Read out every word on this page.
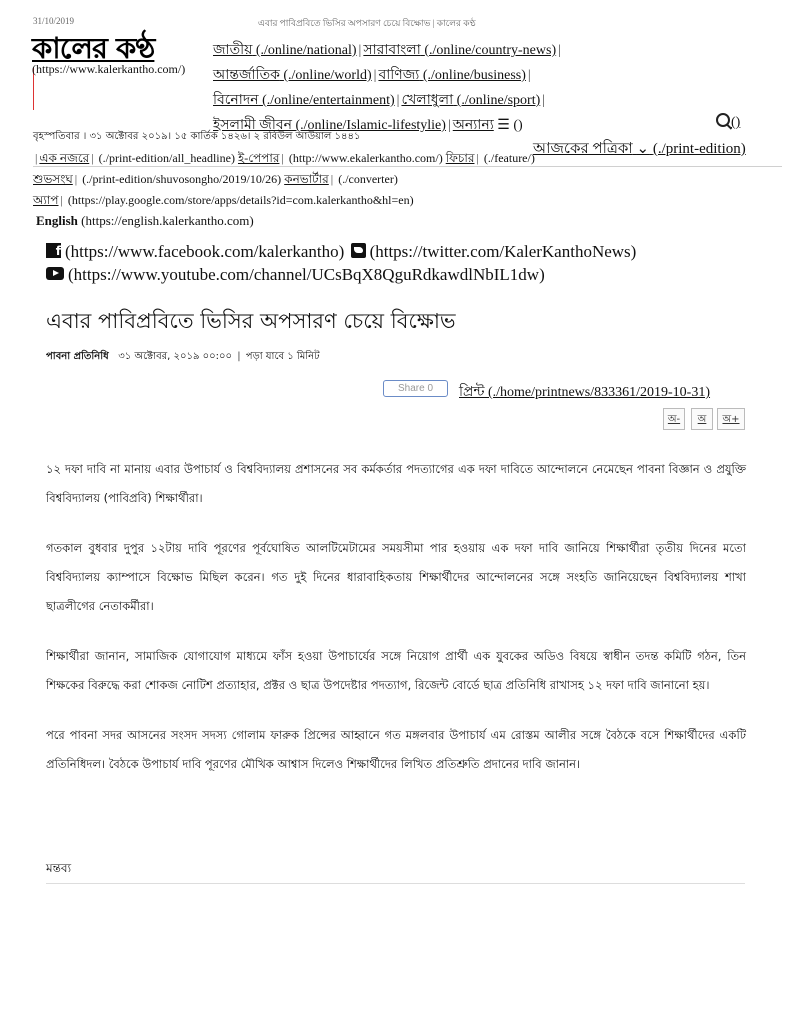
31/10/2019	এবার পাবিপ্রবিতে ভিসির অপসারণ চেয়ে বিক্ষোভ | কালের কণ্ঠ
কালের কণ্ঠ
(https://www.kalerkantho.com/)
জাতীয় (./online/national) | সারাবাংলা (./online/country-news) |
আন্তর্জাতিক (./online/world) | বাণিজ্য (./online/business) |
বিনোদন (./online/entertainment) | খেলাধুলা (./online/sport) |
ইসলামী জীবন (./online/Islamic-lifestylie) | অন্যান্য ☰ ()	()
বৃহস্পতিবার । ৩১ অক্টোবর ২০১৯। ১৫ কার্তিক ১৪২৬। ২ রবিউল আউয়াল ১৪৪১
আজকের পত্রিকা ⌄ (./print-edition)
| এক নজরে | (./print-edition/all_headline) ই-পেপার | (http://www.ekalerkantho.com/) ফিচার | (./feature/)
শুভসংঘ | (./print-edition/shuvosongho/2019/10/26) কনভার্টার | (./converter)
অ্যাপ | (https://play.google.com/store/apps/details?id=com.kalerkantho&hl=en)
English (https://english.kalerkantho.com)
f (https://www.facebook.com/kalerkantho) (https://twitter.com/KalerKanthoNews)
(https://www.youtube.com/channel/UCsBqX8QguRdkawdlNbIL1dw)
এবার পাবিপ্রবিতে ভিসির অপসারণ চেয়ে বিক্ষোভ
পাবনা প্রতিনিধি ৩১ অক্টোবর, ২০১৯ ০০:০০ | পড়া যাবে ১ মিনিট
Share 0	প্রিন্ট (./home/printnews/833361/2019-10-31)
অ-	অ	অ+

১২ দফা দাবি না মানায় এবার উপাচার্য ও বিশ্ববিদ্যালয় প্রশাসনের সব কর্মকর্তার পদত্যাগের এক দফা দাবিতে আন্দোলনে নেমেছেন পাবনা বিজ্ঞান ও প্রযুক্তি বিশ্ববিদ্যালয় (পাবিপ্রবি) শিক্ষার্থীরা।

গতকাল বুধবার দুপুর ১২টায় দাবি পূরণের পূর্বঘোষিত আলটিমেটামের সময়সীমা পার হওয়ায় এক দফা দাবি জানিয়ে শিক্ষার্থীরা তৃতীয় দিনের মতো বিশ্ববিদ্যালয় ক্যাম্পাসে বিক্ষোভ মিছিল করেন। গত দুই দিনের ধারাবাহিকতায় শিক্ষার্থীদের আন্দোলনের সঙ্গে সংহতি জানিয়েছেন বিশ্ববিদ্যালয় শাখা ছাত্রলীগের নেতাকর্মীরা।

শিক্ষার্থীরা জানান, সামাজিক যোগাযোগ মাধ্যমে ফাঁস হওয়া উপাচার্যের সঙ্গে নিয়োগ প্রার্থী এক যুবকের অডিও বিষয়ে স্বাধীন তদন্ত কমিটি গঠন, তিন শিক্ষকের বিরুদ্ধে করা শোকজ নোটিশ প্রত্যাহার, প্রক্টর ও ছাত্র উপদেষ্টার পদত্যাগ, রিজেন্ট বোর্ডে ছাত্র প্রতিনিধি রাখাসহ ১২ দফা দাবি জানানো হয়।

পরে পাবনা সদর আসনের সংসদ সদস্য গোলাম ফারুক প্রিন্সের আহ্বানে গত মঙ্গলবার উপাচার্য এম রোস্তম আলীর সঙ্গে বৈঠকে বসে শিক্ষার্থীদের একটি প্রতিনিধিদল। বৈঠকে উপাচার্য দাবি পূরণের মৌখিক আশ্বাস দিলেও শিক্ষার্থীদের লিখিত প্রতিশ্রুতি প্রদানের দাবি জানান।

মন্তব্য
